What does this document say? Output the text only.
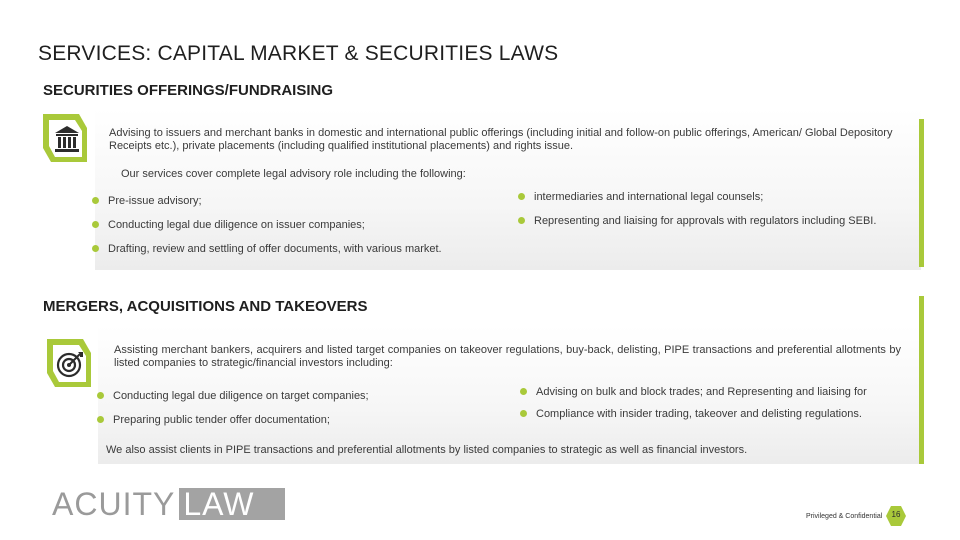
SERVICES: CAPITAL MARKET & SECURITIES LAWS
SECURITIES OFFERINGS/FUNDRAISING
Advising to issuers and merchant banks in domestic and international public offerings (including initial and follow-on public offerings, American/ Global Depository Receipts etc.), private placements (including qualified institutional placements) and rights issue.
Our services cover complete legal advisory role including the following:
Pre-issue advisory;
Conducting legal due diligence on issuer companies;
Drafting, review and settling of offer documents, with various market.
intermediaries and international legal counsels;
Representing and liaising for approvals with regulators including SEBI.
MERGERS, ACQUISITIONS AND TAKEOVERS
Assisting merchant bankers, acquirers and listed target companies on takeover regulations, buy-back, delisting, PIPE transactions and preferential allotments by listed companies to strategic/financial investors including:
Conducting legal due diligence on target companies;
Preparing public tender offer documentation;
Advising on bulk and block trades; and Representing and liaising for
Compliance with insider trading, takeover and delisting regulations.
We also assist clients in PIPE transactions and preferential allotments by listed companies to strategic as well as financial investors.
ACUITY LAW	Privileged & Confidential	16
